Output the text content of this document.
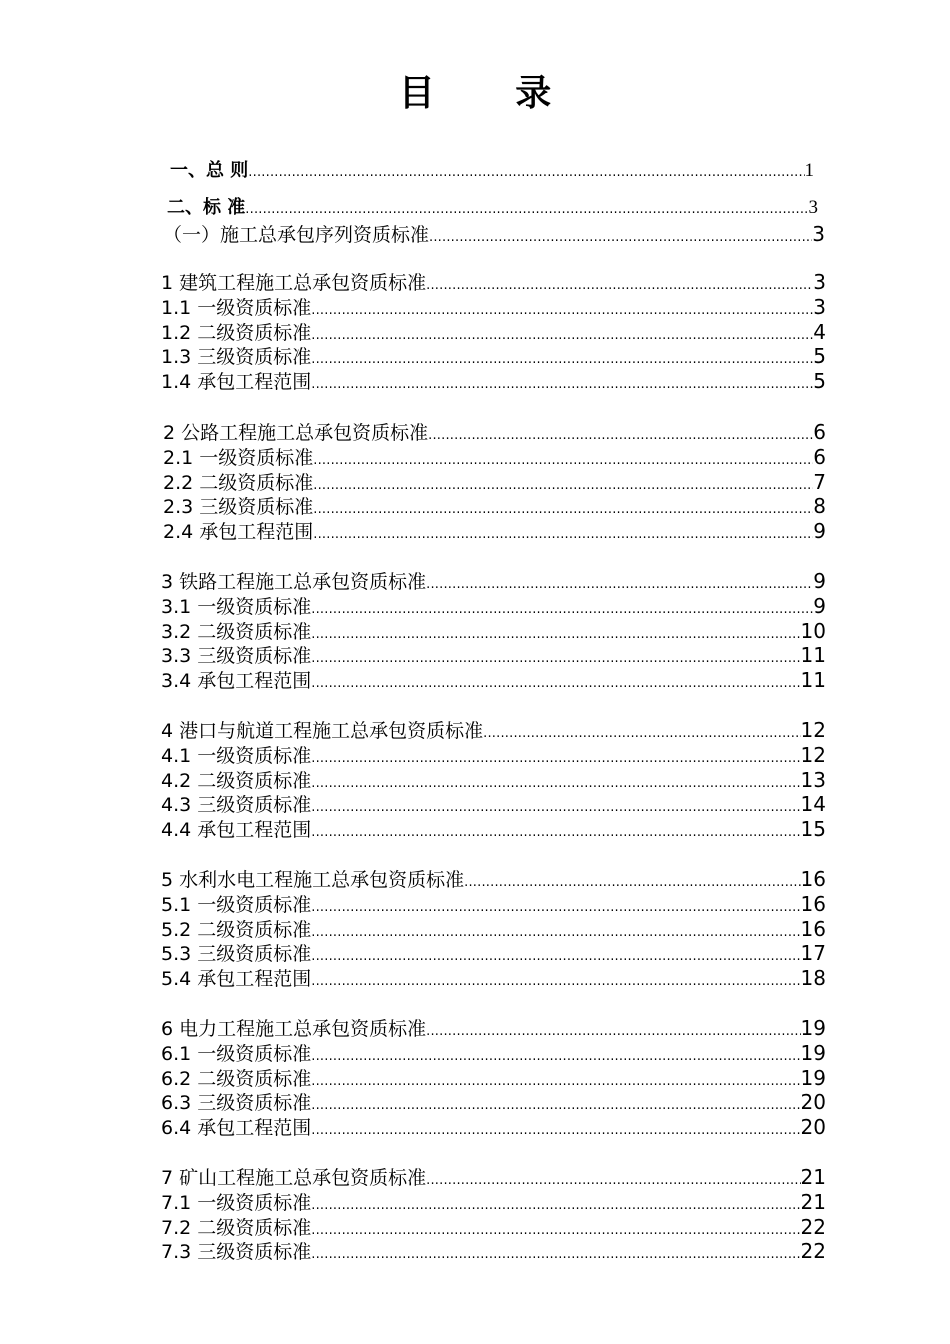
目 录
一、总 则 .....	1
二、标 准 .....	3
（一）施工总承包序列资质标准 .....	3
1 建筑工程施工总承包资质标准 .....	3
1.1 一级资质标准 .....	3
1.2 二级资质标准 .....	4
1.3 三级资质标准 .....	5
1.4 承包工程范围 .....	5
2 公路工程施工总承包资质标准 .....	6
2.1 一级资质标准 .....	6
2.2 二级资质标准 .....	7
2.3 三级资质标准 .....	8
2.4 承包工程范围 .....	9
3 铁路工程施工总承包资质标准 .....	9
3.1 一级资质标准 .....	9
3.2 二级资质标准 .....	10
3.3 三级资质标准 .....	11
3.4 承包工程范围 .....	11
4 港口与航道工程施工总承包资质标准 .....	12
4.1 一级资质标准 .....	12
4.2 二级资质标准 .....	13
4.3 三级资质标准 .....	14
4.4 承包工程范围 .....	15
5 水利水电工程施工总承包资质标准 .....	16
5.1 一级资质标准 .....	16
5.2 二级资质标准 .....	16
5.3 三级资质标准 .....	17
5.4 承包工程范围 .....	18
6 电力工程施工总承包资质标准 .....	19
6.1 一级资质标准 .....	19
6.2 二级资质标准 .....	19
6.3 三级资质标准 .....	20
6.4 承包工程范围 .....	20
7 矿山工程施工总承包资质标准 .....	21
7.1 一级资质标准 .....	21
7.2 二级资质标准 .....	22
7.3 三级资质标准 .....	22
